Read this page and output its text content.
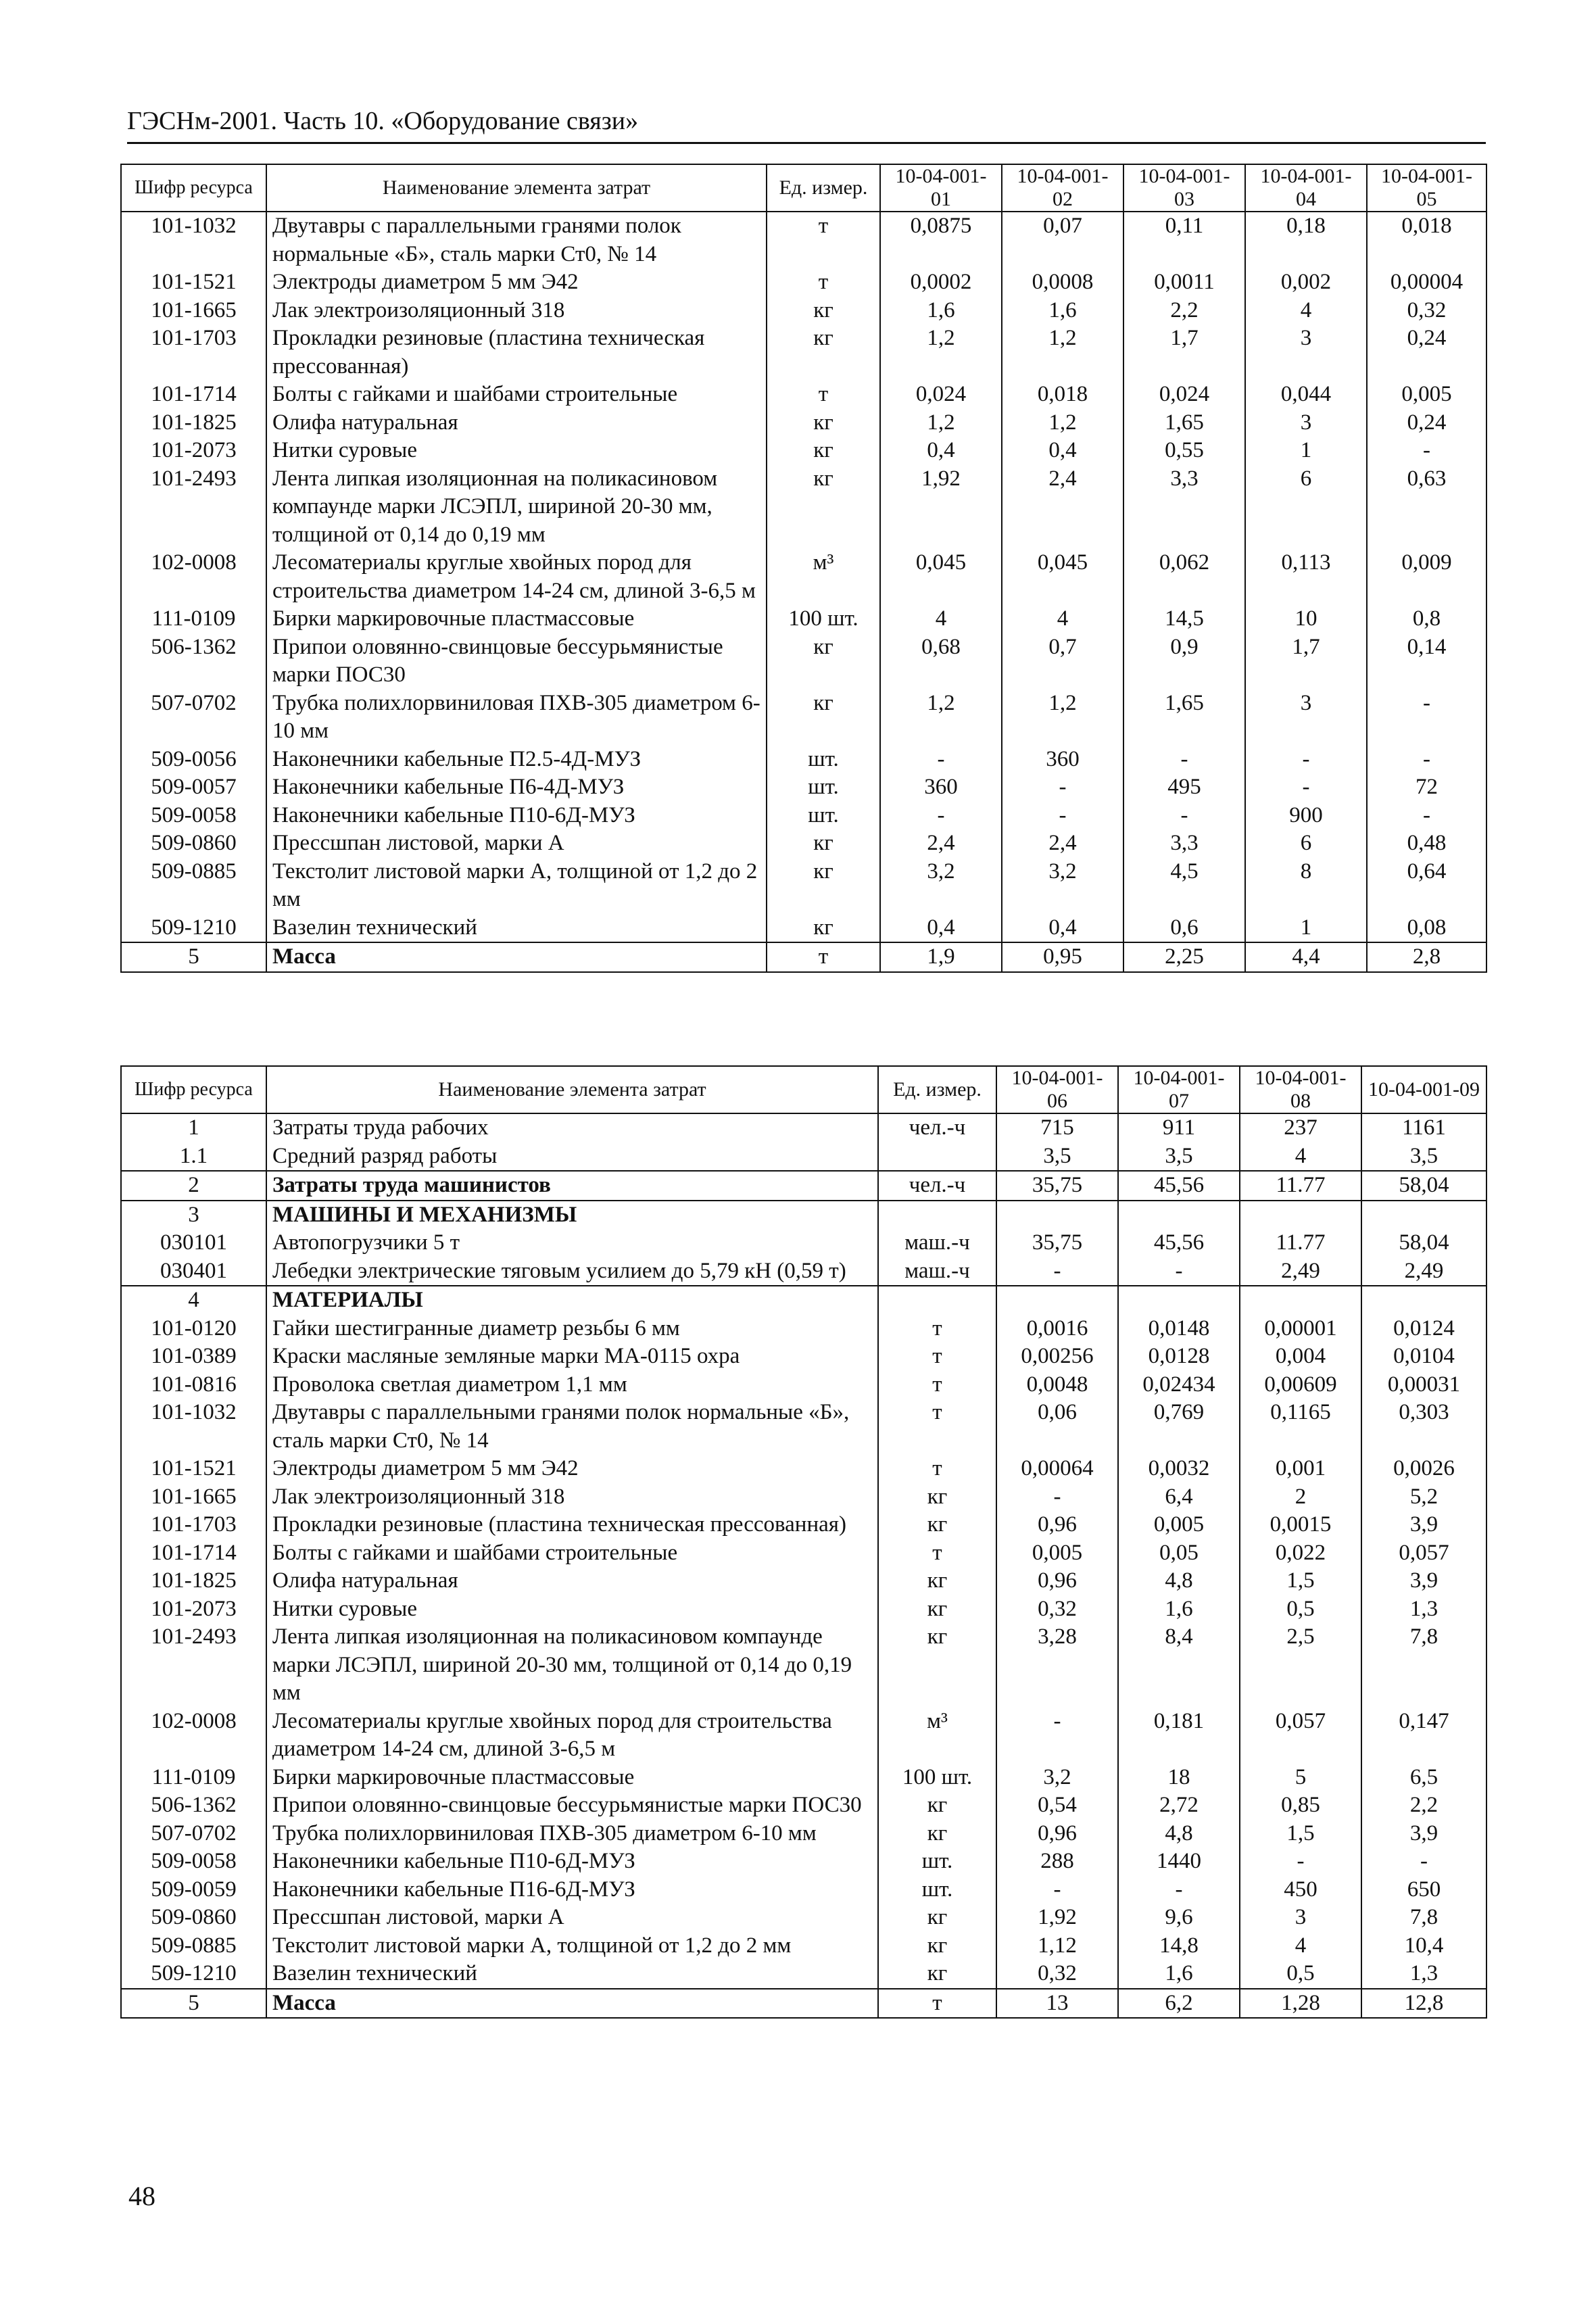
ГЭСНм-2001. Часть 10. «Оборудование связи»
Шифр ресурса	Наименование элемента затрат	Ед. измер.	10-04-001-01	10-04-001-02	10-04-001-03	10-04-001-04	10-04-001-05
101-1032	Двутавры с параллельными гранями полок нормальные «Б», сталь марки Ст0, № 14	т	0,0875	0,07	0,11	0,18	0,018
101-1521	Электроды диаметром 5 мм Э42	т	0,0002	0,0008	0,0011	0,002	0,00004
101-1665	Лак электроизоляционный 318	кг	1,6	1,6	2,2	4	0,32
101-1703	Прокладки резиновые (пластина техническая прессованная)	кг	1,2	1,2	1,7	3	0,24
101-1714	Болты с гайками и шайбами строительные	т	0,024	0,018	0,024	0,044	0,005
101-1825	Олифа натуральная	кг	1,2	1,2	1,65	3	0,24
101-2073	Нитки суровые	кг	0,4	0,4	0,55	1	-
101-2493	Лента липкая изоляционная на поликасиновом компаунде марки ЛСЭПЛ, шириной 20-30 мм, толщиной от 0,14 до 0,19 мм	кг	1,92	2,4	3,3	6	0,63
102-0008	Лесоматериалы круглые хвойных пород для строительства диаметром 14-24 см, длиной 3-6,5 м	м³	0,045	0,045	0,062	0,113	0,009
111-0109	Бирки маркировочные пластмассовые	100 шт.	4	4	14,5	10	0,8
506-1362	Припои оловянно-свинцовые бессурьмянистые марки ПОС30	кг	0,68	0,7	0,9	1,7	0,14
507-0702	Трубка полихлорвиниловая ПХВ-305 диаметром 6-10 мм	кг	1,2	1,2	1,65	3	-
509-0056	Наконечники кабельные П2.5-4Д-МУЗ	шт.	-	360	-	-	-
509-0057	Наконечники кабельные П6-4Д-МУЗ	шт.	360	-	495	-	72
509-0058	Наконечники кабельные П10-6Д-МУЗ	шт.	-	-	-	900	-
509-0860	Прессшпан листовой, марки А	кг	2,4	2,4	3,3	6	0,48
509-0885	Текстолит листовой марки А, толщиной от 1,2 до 2 мм	кг	3,2	3,2	4,5	8	0,64
509-1210	Вазелин технический	кг	0,4	0,4	0,6	1	0,08
5	Масса	т	1,9	0,95	2,25	4,4	2,8
Шифр ресурса	Наименование элемента затрат	Ед. измер.	10-04-001-06	10-04-001-07	10-04-001-08	10-04-001-09
1	Затраты труда рабочих	чел.-ч	715	911	237	1161
1.1	Средний разряд работы		3,5	3,5	4	3,5
2	Затраты труда машинистов	чел.-ч	35,75	45,56	11.77	58,04
3	МАШИНЫ И МЕХАНИЗМЫ					
030101	Автопогрузчики 5 т	маш.-ч	35,75	45,56	11.77	58,04
030401	Лебедки электрические тяговым усилием до 5,79 кН (0,59 т)	маш.-ч	-	-	2,49	2,49
4	МАТЕРИАЛЫ					
101-0120	Гайки шестигранные диаметр резьбы 6 мм	т	0,0016	0,0148	0,00001	0,0124
101-0389	Краски масляные земляные марки МА-0115 охра	т	0,00256	0,0128	0,004	0,0104
101-0816	Проволока светлая диаметром 1,1 мм	т	0,0048	0,02434	0,00609	0,00031
101-1032	Двутавры с параллельными гранями полок нормальные «Б», сталь марки Ст0, № 14	т	0,06	0,769	0,1165	0,303
101-1521	Электроды диаметром 5 мм Э42	т	0,00064	0,0032	0,001	0,0026
101-1665	Лак электроизоляционный 318	кг	-	6,4	2	5,2
101-1703	Прокладки резиновые (пластина техническая прессованная)	кг	0,96	0,005	0,0015	3,9
101-1714	Болты с гайками и шайбами строительные	т	0,005	0,05	0,022	0,057
101-1825	Олифа натуральная	кг	0,96	4,8	1,5	3,9
101-2073	Нитки суровые	кг	0,32	1,6	0,5	1,3
101-2493	Лента липкая изоляционная на поликасиновом компаунде марки ЛСЭПЛ, шириной 20-30 мм, толщиной от 0,14 до 0,19 мм	кг	3,28	8,4	2,5	7,8
102-0008	Лесоматериалы круглые хвойных пород для строительства диаметром 14-24 см, длиной 3-6,5 м	м³	-	0,181	0,057	0,147
111-0109	Бирки маркировочные пластмассовые	100 шт.	3,2	18	5	6,5
506-1362	Припои оловянно-свинцовые бессурьмянистые марки ПОС30	кг	0,54	2,72	0,85	2,2
507-0702	Трубка полихлорвиниловая ПХВ-305 диаметром 6-10 мм	кг	0,96	4,8	1,5	3,9
509-0058	Наконечники кабельные П10-6Д-МУЗ	шт.	288	1440	-	-
509-0059	Наконечники кабельные П16-6Д-МУЗ	шт.	-	-	450	650
509-0860	Прессшпан листовой, марки А	кг	1,92	9,6	3	7,8
509-0885	Текстолит листовой марки А, толщиной от 1,2 до 2 мм	кг	1,12	14,8	4	10,4
509-1210	Вазелин технический	кг	0,32	1,6	0,5	1,3
5	Масса	т	13	6,2	1,28	12,8
48
